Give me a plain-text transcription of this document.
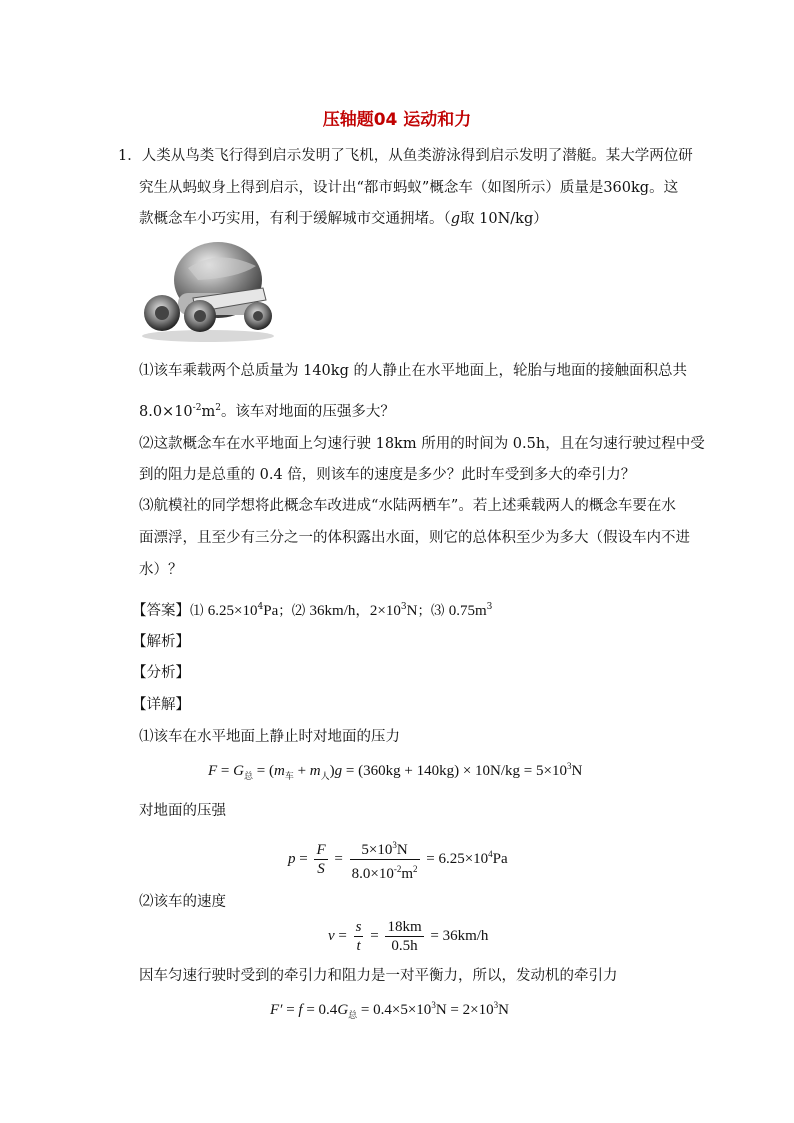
压轴题04 运动和力
1．人类从鸟类飞行得到启示发明了飞机，从鱼类游泳得到启示发明了潜艇。某大学两位研
究生从蚂蚁身上得到启示，设计出“都市蚂蚁”概念车（如图所示）质量是360kg。这
款概念车小巧实用，有利于缓解城市交通拥堵。（g取 10N/kg）
⑴该车乘载两个总质量为 140kg 的人静止在水平地面上，轮胎与地面的接触面积总共
$8.0\times 10^{-2}m^2$。该车对地面的压强多大？
⑵这款概念车在水平地面上匀速行驶 18km 所用的时间为 0.5h，且在匀速行驶过程中受
到的阻力是总重的 0.4 倍，则该车的速度是多少？此时车受到多大的牵引力？
⑶航模社的同学想将此概念车改进成“水陆两栖车”。若上述乘载两人的概念车要在水
面漂浮，且至少有三分之一的体积露出水面，则它的总体积至少为多大（假设车内不进
水）？
【答案】⑴ $6.25\times 10^4Pa$；⑵ 36km/h，$2\times 10^3N$；⑶ $0.75m^3$
【解析】
【分析】
【详解】
⑴该车在水平地面上静止时对地面的压力
$F = G_总 = (m_车 + m_人)g = (360kg + 140kg) \times 10N/kg = 5\times 10^3N$
对地面的压强
$p = \frac{F}{S} = \frac{5\times 10^3N}{8.0\times 10^{-2}m^2} = 6.25\times 10^4Pa$
⑵该车的速度
$v = \frac{s}{t} = \frac{18km}{0.5h} = 36km/h$
因车匀速行驶时受到的牵引力和阻力是一对平衡力，所以，发动机的牵引力
$F' = f = 0.4G_总 = 0.4\times 5\times 10^3N = 2\times 10^3N$
